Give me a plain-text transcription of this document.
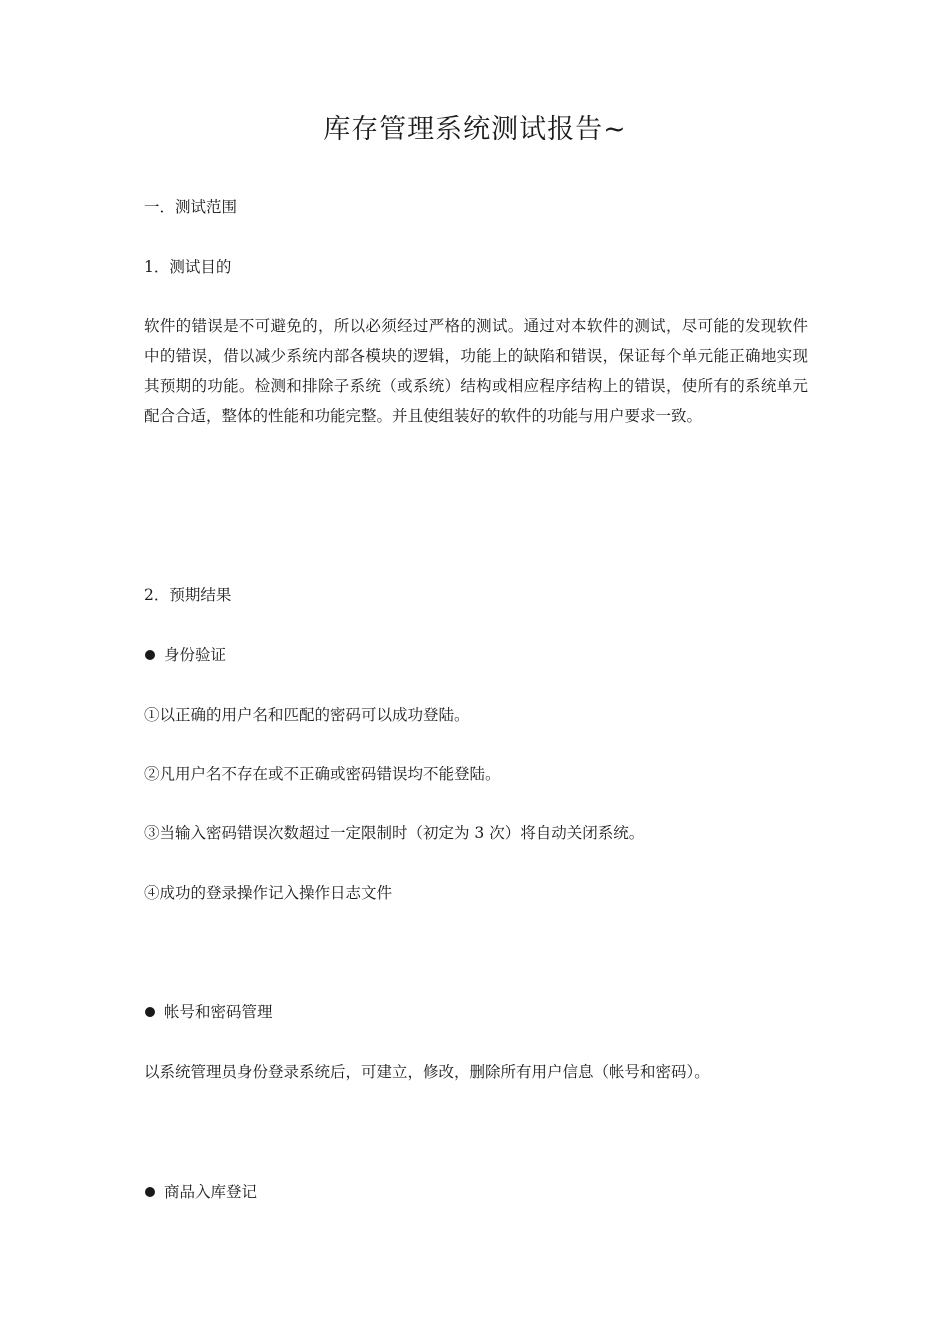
库存管理系统测试报告~

一．测试范围

1．测试目的

软件的错误是不可避免的，所以必须经过严格的测试。通过对本软件的测试，尽可能的发现软件中的错误，借以减少系统内部各模块的逻辑，功能上的缺陷和错误，保证每个单元能正确地实现其预期的功能。检测和排除子系统（或系统）结构或相应程序结构上的错误，使所有的系统单元配合合适，整体的性能和功能完整。并且使组装好的软件的功能与用户要求一致。

2．预期结果

身份验证

①以正确的用户名和匹配的密码可以成功登陆。

②凡用户名不存在或不正确或密码错误均不能登陆。

③当输入密码错误次数超过一定限制时（初定为 3 次）将自动关闭系统。

④成功的登录操作记入操作日志文件

帐号和密码管理

以系统管理员身份登录系统后，可建立，修改，删除所有用户信息（帐号和密码）。

商品入库登记
